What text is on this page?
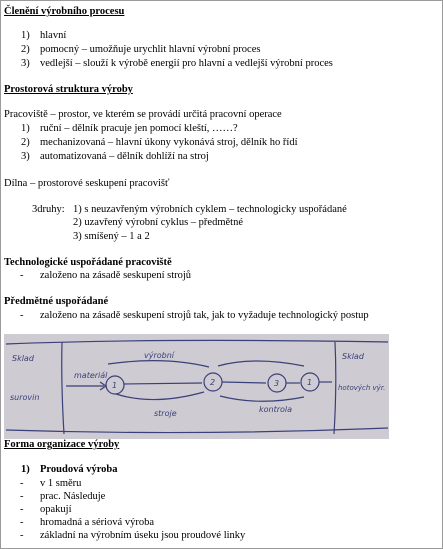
Členění výrobního procesu
1) hlavní
2) pomocný – umožňuje urychlit hlavní výrobní proces
3) vedlejší – slouží k výrobě energií pro hlavní a vedlejší výrobní proces
Prostorová struktura výroby
Pracoviště – prostor, ve kterém se provádí určitá pracovní operace
1) ruční – dělník pracuje jen pomocí kleští, ……?
2) mechanizovaná – hlavní úkony vykonává stroj, dělník ho řídí
3) automatizovaná – dělník dohlíží na stroj
Dílna – prostorové seskupení pracovišť
3druhy: 1) s neuzavřeným výrobních cyklem – technologicky uspořádané
2) uzavřený výrobní cyklus – předmětné
3) smíšený – 1 a 2
Technologické uspořádané pracoviště
- založeno na zásadě seskupení strojů
Předmětné uspořádané
- založeno na zásadě seskupení strojů tak, jak to vyžaduje technologický postup
Sklad
surovin
Sklad
hotových výr.
materiál
výrobní
stroje	kontrola
1	2	3	1
Forma organizace výroby
1) Proudová výroba
- v 1 směru
- prac. Následuje
- opakují
- hromadná a sériová výroba
- základní na výrobním úseku jsou proudové linky
